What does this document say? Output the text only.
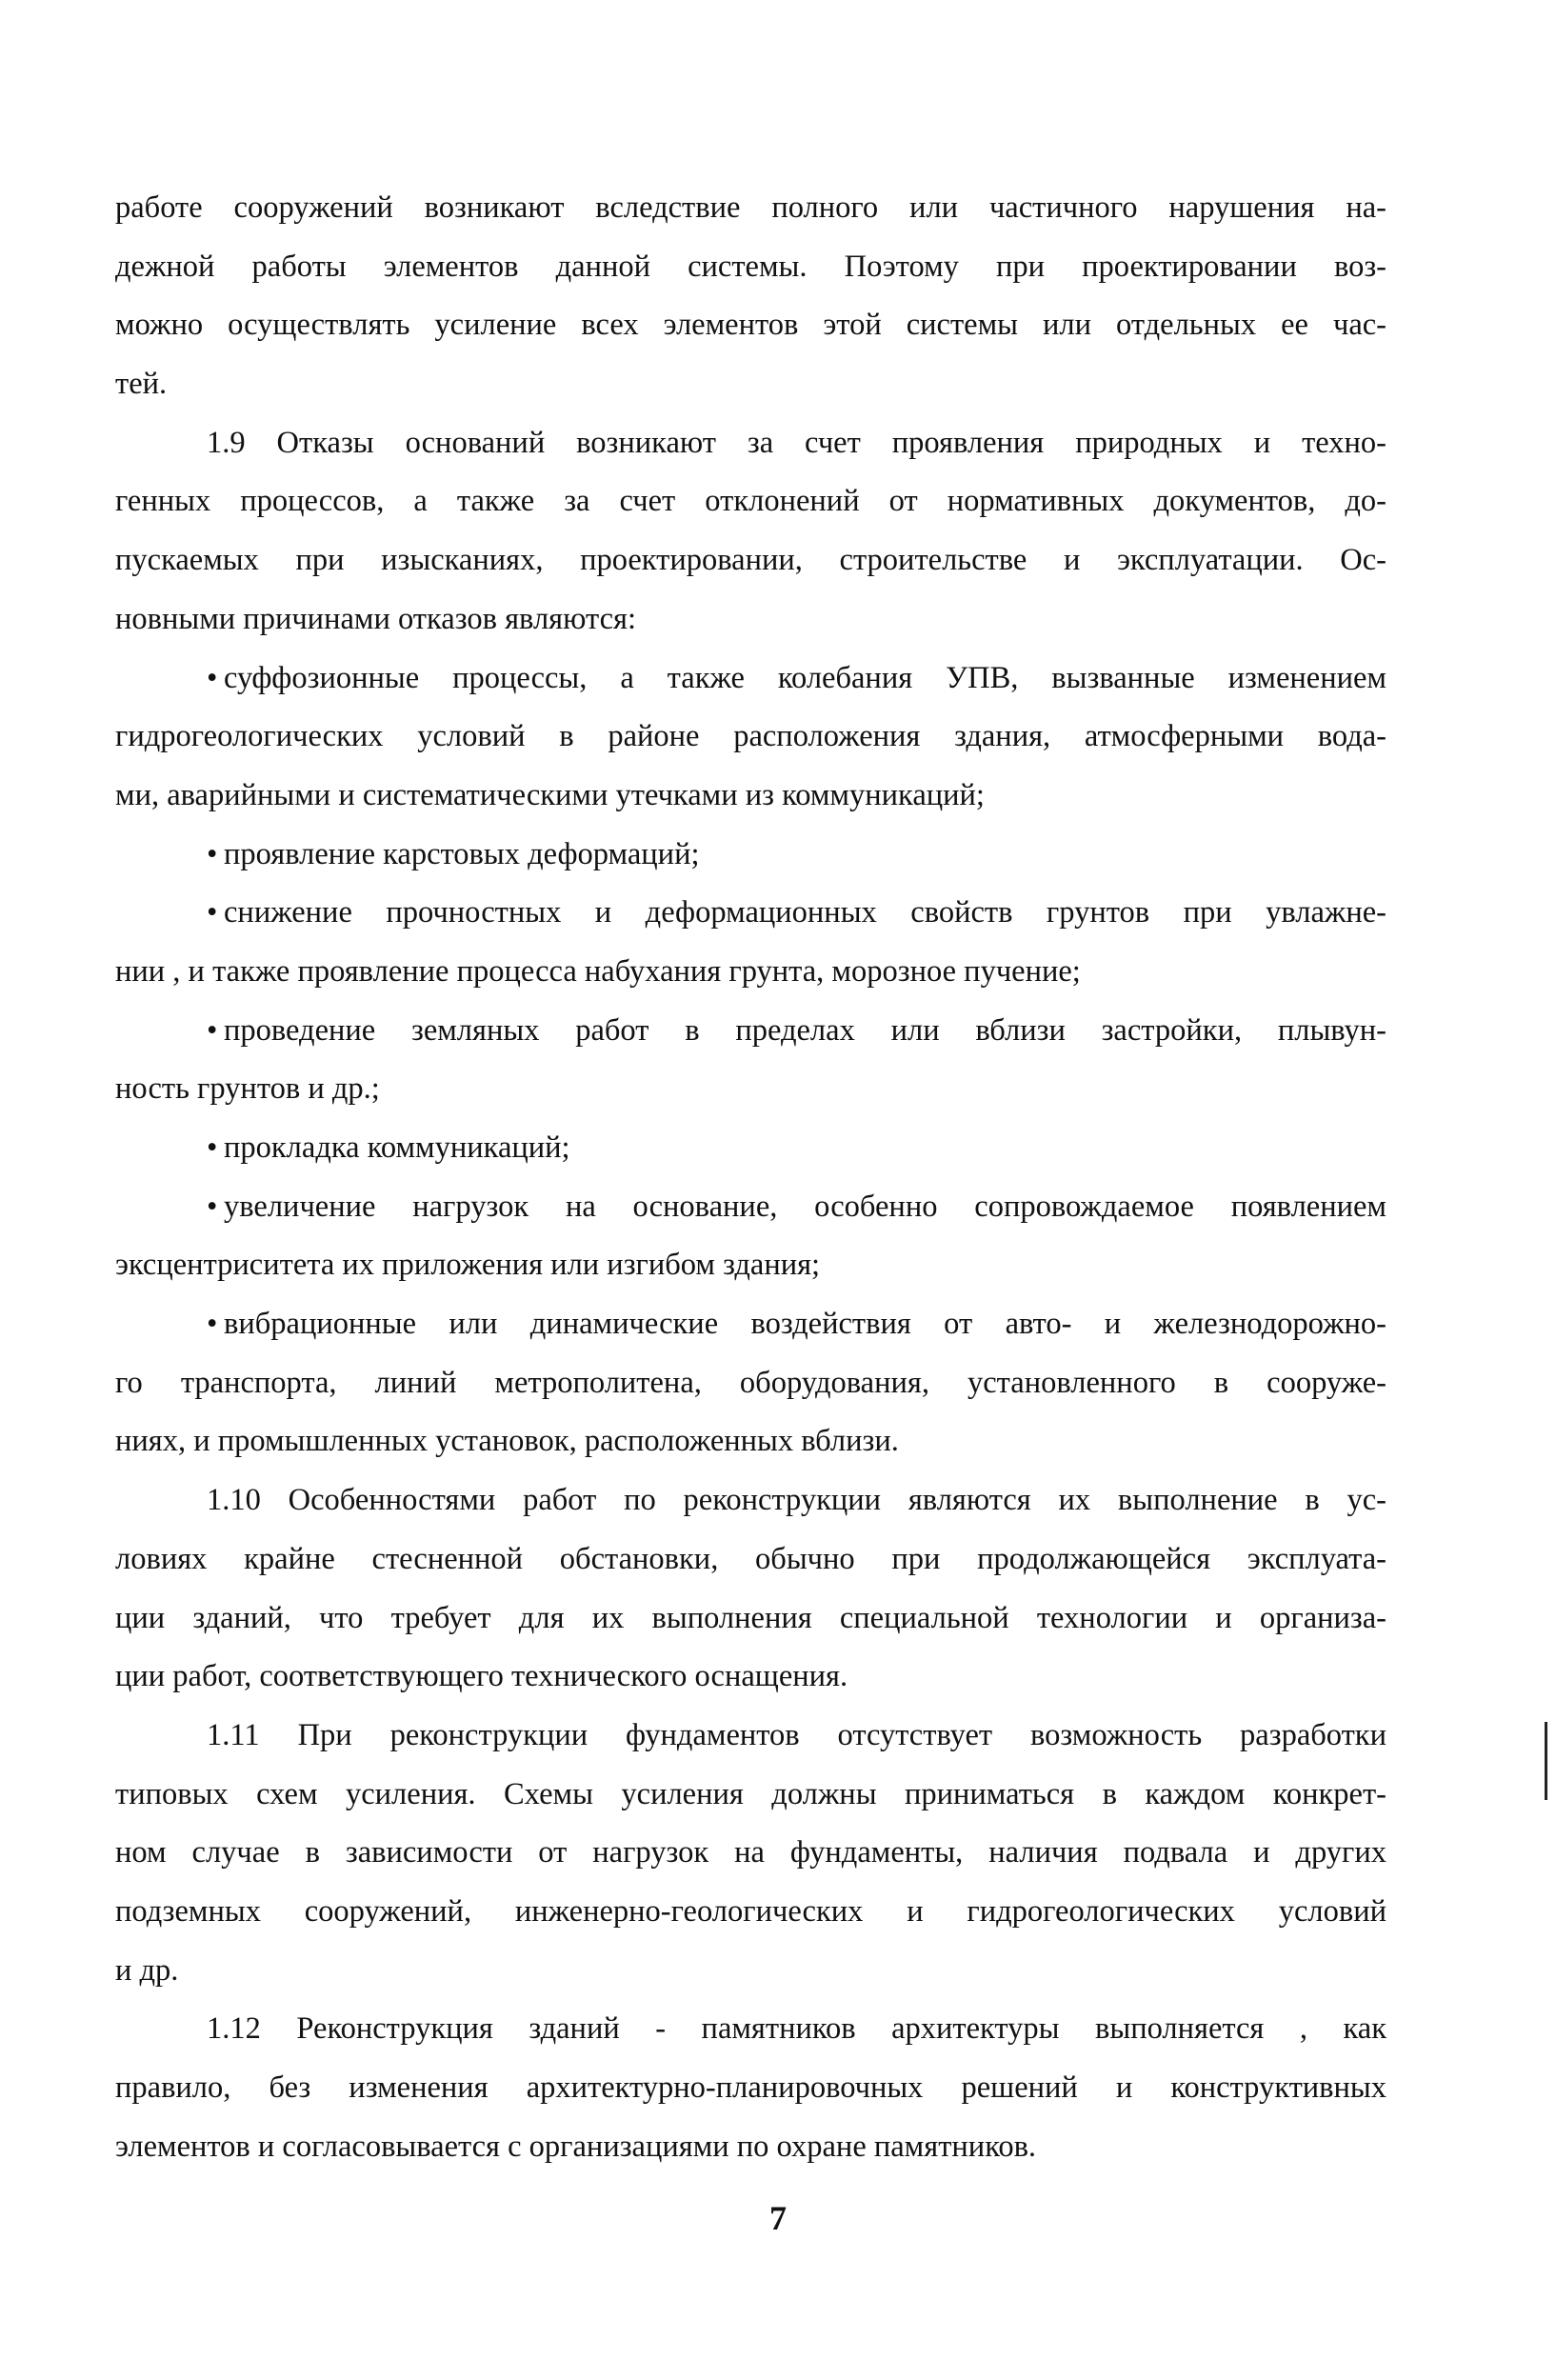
работе сооружений возникают вследствие полного или частичного нарушения на-
дежной работы элементов данной системы. Поэтому при проектировании воз-
можно осуществлять усиление всех элементов этой системы или отдельных ее час-
тей.
1.9 Отказы оснований возникают за счет проявления природных и техно-
генных процессов, а также за счет отклонений от нормативных документов, до-
пускаемых при изысканиях, проектировании, строительстве и эксплуатации. Ос-
новными причинами отказов являются:
• суффозионные процессы, а также колебания УПВ, вызванные изменением
гидрогеологических условий в районе расположения здания, атмосферными вода-
ми, аварийными и систематическими утечками из коммуникаций;
• проявление карстовых деформаций;
• снижение прочностных и деформационных свойств грунтов при увлажне-
нии , и также проявление процесса набухания грунта, морозное пучение;
• проведение земляных работ в пределах или вблизи застройки, плывун-
ность грунтов и др.;
• прокладка коммуникаций;
• увеличение нагрузок на основание, особенно сопровождаемое появлением
эксцентриситета их приложения или изгибом здания;
• вибрационные или динамические воздействия от авто- и железнодорожно-
го транспорта, линий метрополитена, оборудования, установленного в сооруже-
ниях, и промышленных установок, расположенных вблизи.
1.10 Особенностями работ по реконструкции являются их выполнение в ус-
ловиях крайне стесненной обстановки, обычно при продолжающейся эксплуата-
ции зданий, что требует для их выполнения специальной технологии и организа-
ции работ, соответствующего технического оснащения.
1.11 При реконструкции фундаментов отсутствует возможность разработки
типовых схем усиления. Схемы усиления должны приниматься в каждом конкрет-
ном случае в зависимости от нагрузок на фундаменты, наличия подвала и других
подземных сооружений, инженерно-геологических и гидрогеологических условий
и др.
1.12 Реконструкция зданий - памятников архитектуры выполняется , как
правило, без изменения архитектурно-планировочных решений и конструктивных
элементов и согласовывается с организациями по охране памятников.
7
